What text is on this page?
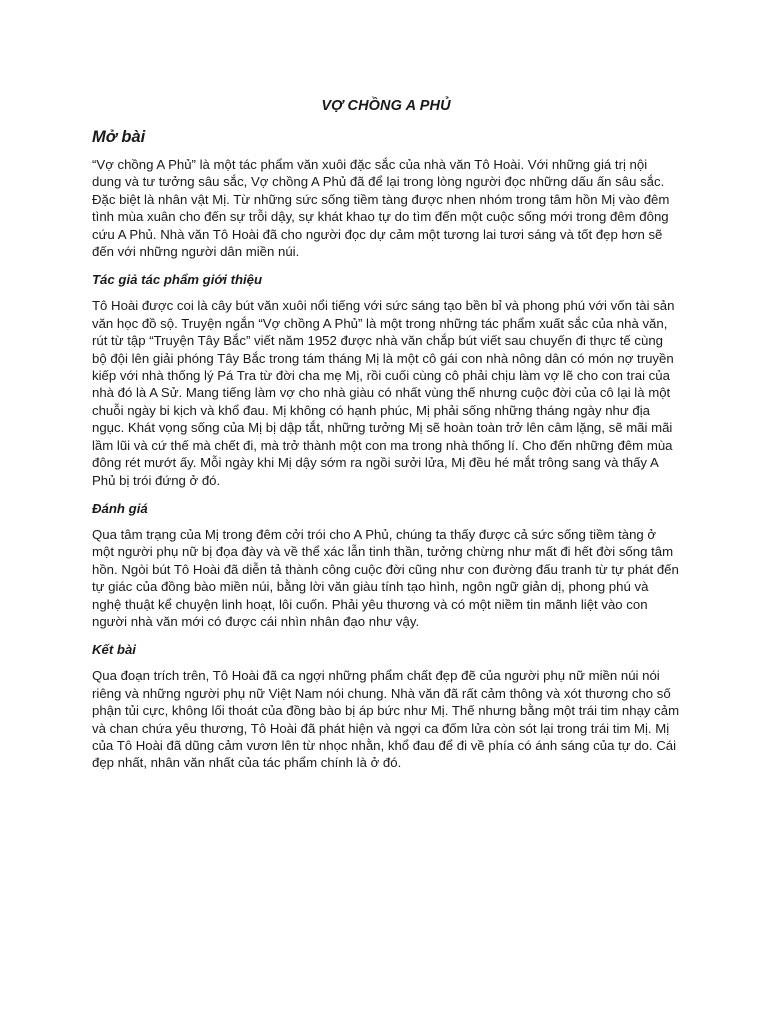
VỢ CHỒNG A PHỦ
Mở bài

“Vợ chồng A Phủ” là một tác phẩm văn xuôi đặc sắc của nhà văn Tô Hoài. Với những giá trị nội dung và tư tưởng sâu sắc, Vợ chồng A Phủ đã để lại trong lòng người đọc những dấu ấn sâu sắc. Đặc biệt là nhân vật Mị. Từ những sức sống tiềm tàng được nhen nhóm trong tâm hồn Mị vào đêm tình mùa xuân cho đến sự trỗi dậy, sự khát khao tự do tìm đến một cuộc sống mới trong đêm đông cứu A Phủ. Nhà văn Tô Hoài đã cho người đọc dự cảm một tương lai tươi sáng và tốt đẹp hơn sẽ đến với những người dân miền núi.

Tác giả tác phẩm giới thiệu

Tô Hoài được coi là cây bút văn xuôi nổi tiếng với sức sáng tạo bền bỉ và phong phú với vốn tài sản văn học đồ sộ. Truyện ngắn “Vợ chồng A Phủ” là một trong những tác phẩm xuất sắc của nhà văn, rút từ tập “Truyện Tây Bắc” viết năm 1952 được nhà văn chắp bút viết sau chuyến đi thực tế cùng bộ đội lên giải phóng Tây Bắc trong tám tháng Mị là một cô gái con nhà nông dân có món nợ truyền kiếp với nhà thống lý Pá Tra từ đời cha mẹ Mị, rồi cuối cùng cô phải chịu làm vợ lẽ cho con trai của nhà đó là A Sử. Mang tiếng làm vợ cho nhà giàu có nhất vùng thế nhưng cuộc đời của cô lại là một chuỗi ngày bi kịch và khổ đau. Mị không có hạnh phúc, Mị phải sống những tháng ngày như địa ngục. Khát vọng sống của Mị bị dập tắt, những tưởng Mị sẽ hoàn toàn trở lên câm lặng, sẽ mãi mãi lầm lũi và cứ thế mà chết đi, mà trở thành một con ma trong nhà thống lí. Cho đến những đêm mùa đông rét mướt ấy. Mỗi ngày khi Mị dậy sớm ra ngồi sưởi lửa, Mị đều hé mắt trông sang và thấy A Phủ bị trói đứng ở đó.

Đánh giá

Qua tâm trạng của Mị trong đêm cởi trói cho A Phủ, chúng ta thấy được cả sức sống tiềm tàng ở một người phụ nữ bị đọa đày và về thể xác lẫn tinh thần, tưởng chừng như mất đi hết đời sống tâm hồn. Ngòi bút Tô Hoài đã diễn tả thành công cuộc đời cũng như con đường đấu tranh từ tự phát đến tự giác của đồng bào miền núi, bằng lời văn giàu tính tạo hình, ngôn ngữ giản dị, phong phú và nghệ thuật kể chuyện linh hoạt, lôi cuốn. Phải yêu thương và có một niềm tin mãnh liệt vào con người nhà văn mới có được cái nhìn nhân đạo như vậy.

Kết bài

Qua đoạn trích trên, Tô Hoài đã ca ngợi những phẩm chất đẹp đẽ của người phụ nữ miền núi nói riêng và những người phụ nữ Việt Nam nói chung. Nhà văn đã rất cảm thông và xót thương cho số phận tủi cực, không lối thoát của đồng bào bị áp bức như Mị. Thế nhưng bằng một trái tim nhạy cảm và chan chứa yêu thương, Tô Hoài đã phát hiện và ngợi ca đốm lửa còn sót lại trong trái tim Mị. Mị của Tô Hoài đã dũng cảm vươn lên từ nhọc nhằn, khổ đau để đi về phía có ánh sáng của tự do. Cái đẹp nhất, nhân văn nhất của tác phẩm chính là ở đó.
